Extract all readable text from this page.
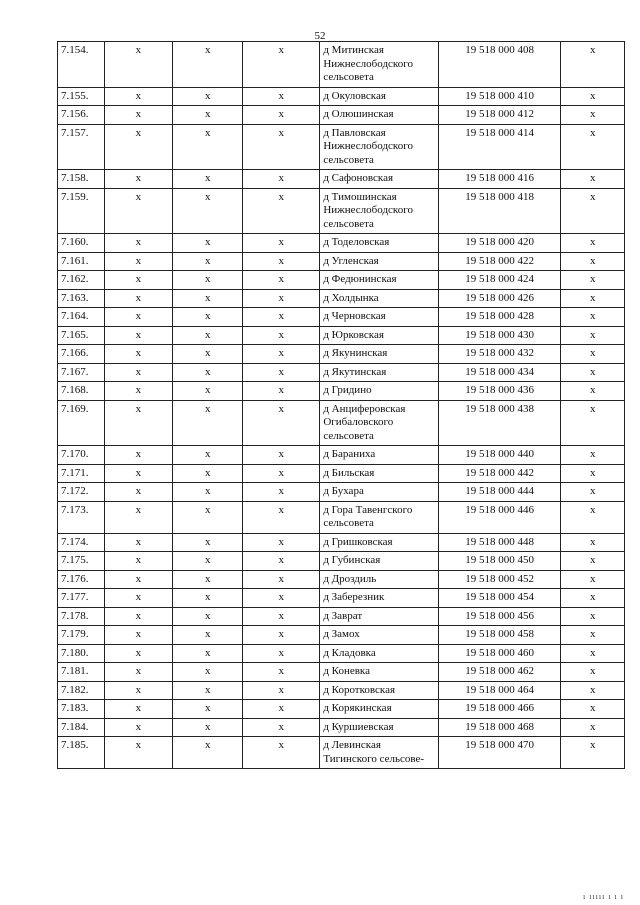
52
7.154.	x	x	x	д Митинская Нижнеслободского сельсовета	19 518 000 408	x
7.155.	x	x	x	д Окуловская	19 518 000 410	x
7.156.	x	x	x	д Олюшинская	19 518 000 412	x
7.157.	x	x	x	д Павловская Нижнеслободского сельсовета	19 518 000 414	x
7.158.	x	x	x	д Сафоновская	19 518 000 416	x
7.159.	x	x	x	д Тимошинская Нижнеслободского сельсовета	19 518 000 418	x
7.160.	x	x	x	д Тоделовская	19 518 000 420	x
7.161.	x	x	x	д Угленская	19 518 000 422	x
7.162.	x	x	x	д Федюнинская	19 518 000 424	x
7.163.	x	x	x	д Холдынка	19 518 000 426	x
7.164.	x	x	x	д Черновская	19 518 000 428	x
7.165.	x	x	x	д Юрковская	19 518 000 430	x
7.166.	x	x	x	д Якунинская	19 518 000 432	x
7.167.	x	x	x	д Якутинская	19 518 000 434	x
7.168.	x	x	x	д Гридино	19 518 000 436	x
7.169.	x	x	x	д Анциферовская Огибаловского сельсовета	19 518 000 438	x
7.170.	x	x	x	д Бараниха	19 518 000 440	x
7.171.	x	x	x	д Бильская	19 518 000 442	x
7.172.	x	x	x	д Бухара	19 518 000 444	x
7.173.	x	x	x	д Гора Тавенгского сельсовета	19 518 000 446	x
7.174.	x	x	x	д Гришковская	19 518 000 448	x
7.175.	x	x	x	д Губинская	19 518 000 450	x
7.176.	x	x	x	д Дроздиль	19 518 000 452	x
7.177.	x	x	x	д Заберезник	19 518 000 454	x
7.178.	x	x	x	д Заврат	19 518 000 456	x
7.179.	x	x	x	д Замох	19 518 000 458	x
7.180.	x	x	x	д Кладовка	19 518 000 460	x
7.181.	x	x	x	д Коневка	19 518 000 462	x
7.182.	x	x	x	д Коротковская	19 518 000 464	x
7.183.	x	x	x	д Корякинская	19 518 000 466	x
7.184.	x	x	x	д Куршиевская	19 518 000 468	x
7.185.	x	x	x	д Левинская Тигинского сельсове-	19 518 000 470	x
ı ııııı ı ı ı
